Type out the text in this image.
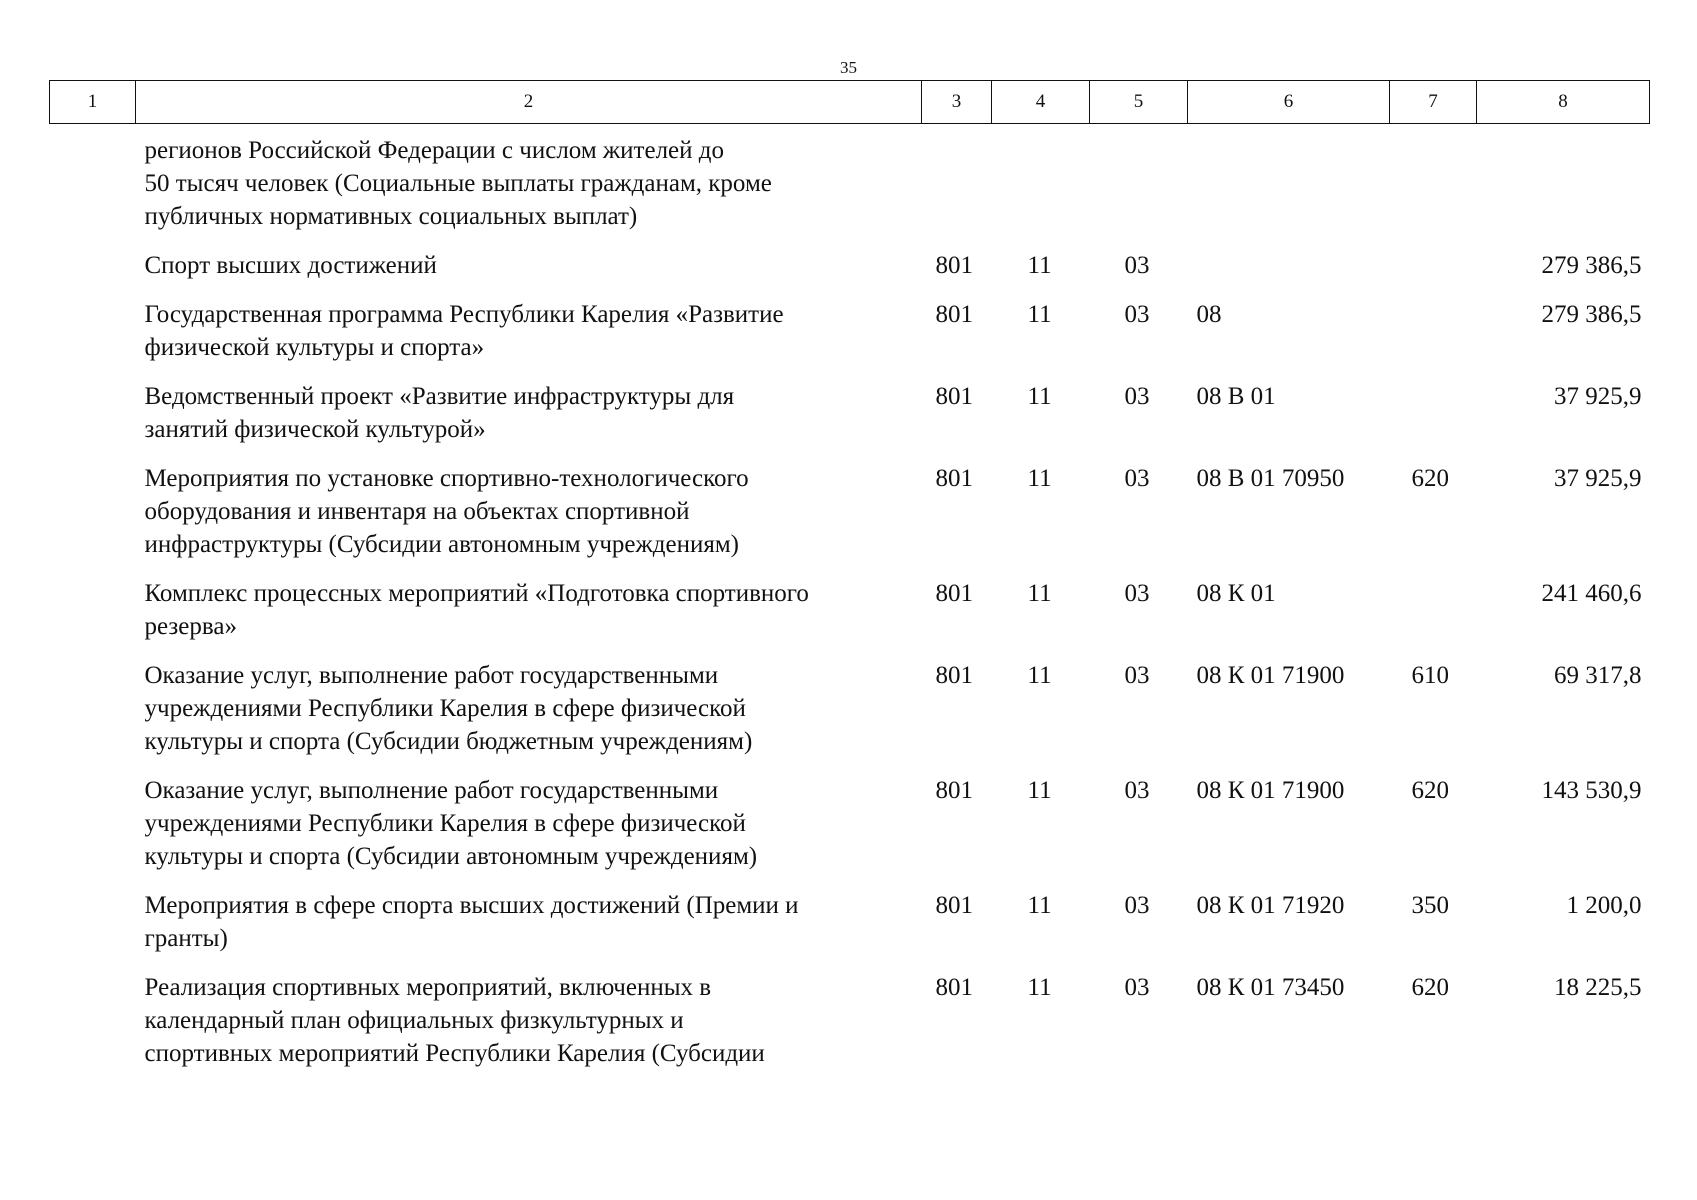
35
1	2	3	4	5	6	7	8
	регионов Российской Федерации с числом жителей до
50 тысяч человек (Социальные выплаты гражданам, кроме
публичных нормативных социальных выплат)						
	Спорт высших достижений	801	11	03			279 386,5
	Государственная программа Республики Карелия «Развитие
физической культуры и спорта»	801	11	03	08		279 386,5
	Ведомственный проект «Развитие инфраструктуры для
занятий физической культурой»	801	11	03	08 В 01		37 925,9
	Мероприятия по установке спортивно-технологического
оборудования и инвентаря на объектах спортивной
инфраструктуры (Субсидии автономным учреждениям)	801	11	03	08 В 01 70950	620	37 925,9
	Комплекс процессных мероприятий «Подготовка спортивного
резерва»	801	11	03	08 К 01		241 460,6
	Оказание услуг, выполнение работ государственными
учреждениями Республики Карелия в сфере физической
культуры и спорта (Субсидии бюджетным учреждениям)	801	11	03	08 К 01 71900	610	69 317,8
	Оказание услуг, выполнение работ государственными
учреждениями Республики Карелия в сфере физической
культуры и спорта (Субсидии автономным учреждениям)	801	11	03	08 К 01 71900	620	143 530,9
	Мероприятия в сфере спорта высших достижений (Премии и
гранты)	801	11	03	08 К 01 71920	350	1 200,0
	Реализация спортивных мероприятий, включенных в
календарный план официальных физкультурных и
спортивных мероприятий Республики Карелия (Субсидии	801	11	03	08 К 01 73450	620	18 225,5
